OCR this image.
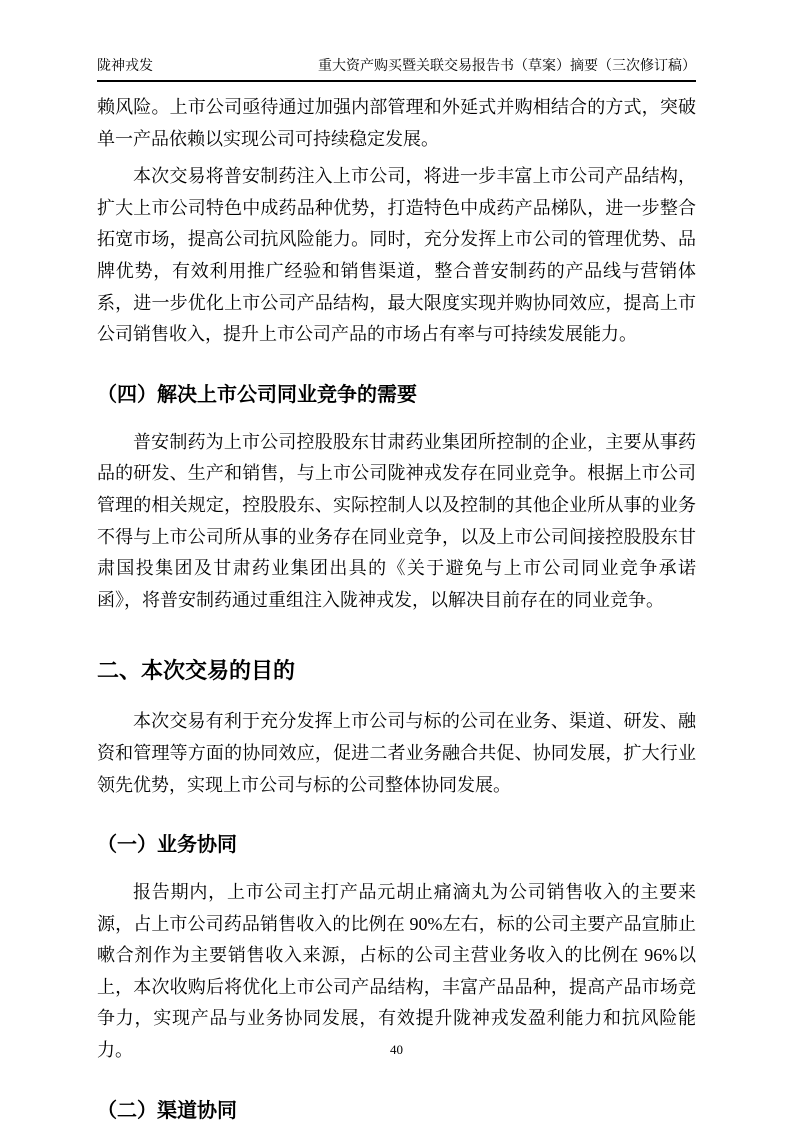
陇神戎发	重大资产购买暨关联交易报告书（草案）摘要（三次修订稿）

赖风险。上市公司亟待通过加强内部管理和外延式并购相结合的方式，突破单一产品依赖以实现公司可持续稳定发展。

本次交易将普安制药注入上市公司，将进一步丰富上市公司产品结构，扩大上市公司特色中成药品种优势，打造特色中成药产品梯队，进一步整合拓宽市场，提高公司抗风险能力。同时，充分发挥上市公司的管理优势、品牌优势，有效利用推广经验和销售渠道，整合普安制药的产品线与营销体系，进一步优化上市公司产品结构，最大限度实现并购协同效应，提高上市公司销售收入，提升上市公司产品的市场占有率与可持续发展能力。

（四）解决上市公司同业竞争的需要

普安制药为上市公司控股股东甘肃药业集团所控制的企业，主要从事药品的研发、生产和销售，与上市公司陇神戎发存在同业竞争。根据上市公司管理的相关规定，控股股东、实际控制人以及控制的其他企业所从事的业务不得与上市公司所从事的业务存在同业竞争，以及上市公司间接控股股东甘肃国投集团及甘肃药业集团出具的《关于避免与上市公司同业竞争承诺函》，将普安制药通过重组注入陇神戎发，以解决目前存在的同业竞争。

二、本次交易的目的

本次交易有利于充分发挥上市公司与标的公司在业务、渠道、研发、融资和管理等方面的协同效应，促进二者业务融合共促、协同发展，扩大行业领先优势，实现上市公司与标的公司整体协同发展。

（一）业务协同

报告期内，上市公司主打产品元胡止痛滴丸为公司销售收入的主要来源，占上市公司药品销售收入的比例在 90%左右，标的公司主要产品宣肺止嗽合剂作为主要销售收入来源，占标的公司主营业务收入的比例在 96%以上，本次收购后将优化上市公司产品结构，丰富产品品种，提高产品市场竞争力，实现产品与业务协同发展，有效提升陇神戎发盈利能力和抗风险能力。

（二）渠道协同
40
